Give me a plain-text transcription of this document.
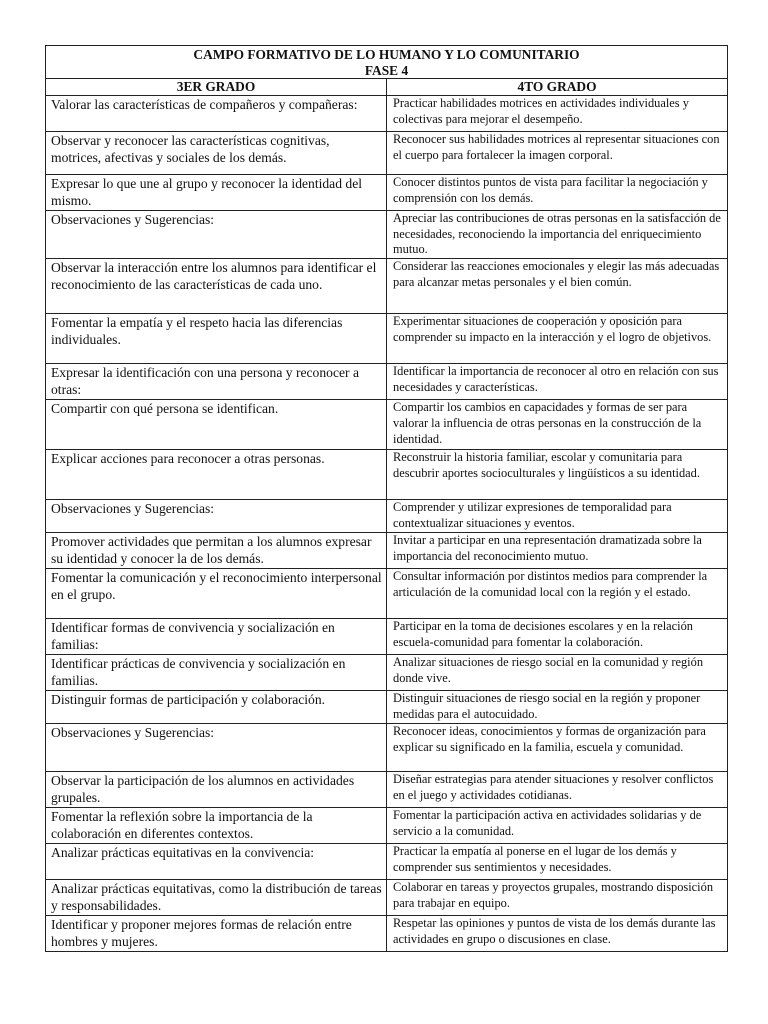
CAMPO FORMATIVO DE LO HUMANO Y LO COMUNITARIO
FASE 4	

3ER GRADO	4TO GRADO
Valorar las características de compañeros y compañeras:	Practicar habilidades motrices en actividades individuales y colectivas para mejorar el desempeño.
Observar y reconocer las características cognitivas, motrices, afectivas y sociales de los demás.	Reconocer sus habilidades motrices al representar situaciones con el cuerpo para fortalecer la imagen corporal.
Expresar lo que une al grupo y reconocer la identidad del mismo.	Conocer distintos puntos de vista para facilitar la negociación y comprensión con los demás.
Observaciones y Sugerencias:	Apreciar las contribuciones de otras personas en la satisfacción de necesidades, reconociendo la importancia del enriquecimiento mutuo.
Observar la interacción entre los alumnos para identificar el reconocimiento de las características de cada uno.	Considerar las reacciones emocionales y elegir las más adecuadas para alcanzar metas personales y el bien común.
Fomentar la empatía y el respeto hacia las diferencias individuales.	Experimentar situaciones de cooperación y oposición para comprender su impacto en la interacción y el logro de objetivos.
Expresar la identificación con una persona y reconocer a otras:	Identificar la importancia de reconocer al otro en relación con sus necesidades y características.
Compartir con qué persona se identifican.	Compartir los cambios en capacidades y formas de ser para valorar la influencia de otras personas en la construcción de la identidad.
Explicar acciones para reconocer a otras personas.	Reconstruir la historia familiar, escolar y comunitaria para descubrir aportes socioculturales y lingüísticos a su identidad.
Observaciones y Sugerencias:	Comprender y utilizar expresiones de temporalidad para contextualizar situaciones y eventos.
Promover actividades que permitan a los alumnos expresar su identidad y conocer la de los demás.	Invitar a participar en una representación dramatizada sobre la importancia del reconocimiento mutuo.
Fomentar la comunicación y el reconocimiento interpersonal en el grupo.	Consultar información por distintos medios para comprender la articulación de la comunidad local con la región y el estado.
Identificar formas de convivencia y socialización en familias:	Participar en la toma de decisiones escolares y en la relación escuela-comunidad para fomentar la colaboración.
Identificar prácticas de convivencia y socialización en familias.	Analizar situaciones de riesgo social en la comunidad y región donde vive.
Distinguir formas de participación y colaboración.	Distinguir situaciones de riesgo social en la región y proponer medidas para el autocuidado.
Observaciones y Sugerencias:	Reconocer ideas, conocimientos y formas de organización para explicar su significado en la familia, escuela y comunidad.
Observar la participación de los alumnos en actividades grupales.	Diseñar estrategias para atender situaciones y resolver conflictos en el juego y actividades cotidianas.
Fomentar la reflexión sobre la importancia de la colaboración en diferentes contextos.	Fomentar la participación activa en actividades solidarias y de servicio a la comunidad.
Analizar prácticas equitativas en la convivencia:	Practicar la empatía al ponerse en el lugar de los demás y comprender sus sentimientos y necesidades.
Analizar prácticas equitativas, como la distribución de tareas y responsabilidades.	Colaborar en tareas y proyectos grupales, mostrando disposición para trabajar en equipo.
Identificar y proponer mejores formas de relación entre hombres y mujeres.	Respetar las opiniones y puntos de vista de los demás durante las actividades en grupo o discusiones en clase.
